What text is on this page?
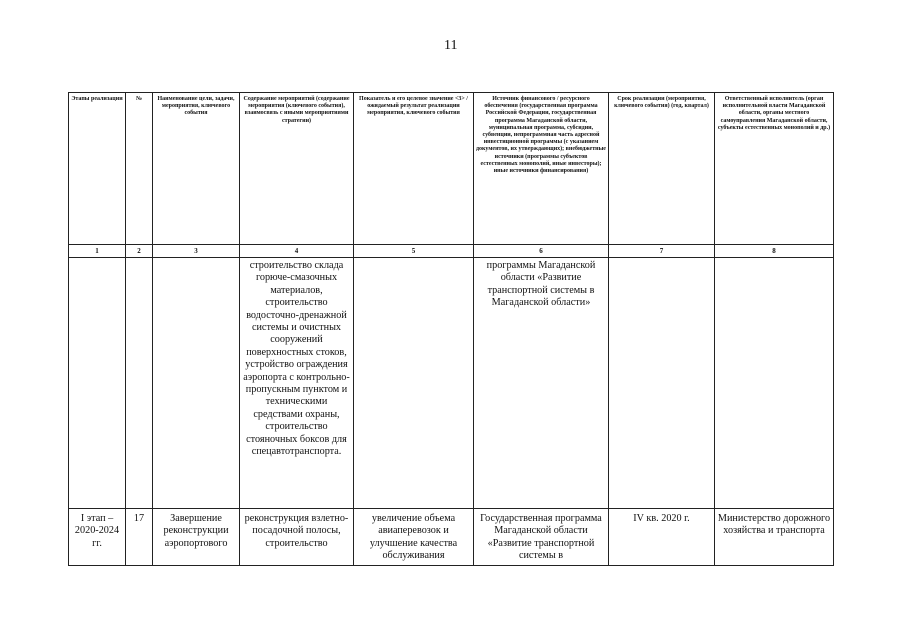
11
Этапы реализации	№	Наименование цели, задачи, мероприятия, ключевого события	Содержание мероприятий (содержание мероприятия (ключевого события), взаимосвязь с иными мероприятиями стратегии)	Показатель и его целевое значение <3> /ожидаемый результат реализации мероприятия, ключевого события	Источник финансового / ресурсного обеспечения (государственная программа Российской Федерации, государственная программа Магаданской области, муниципальная программа, субсидии, субвенции, непрограммная часть адресной инвестиционной программы (с указанием документов, их утверждающих); внебюджетные источники (программы субъектов естественных монополий, иные инвесторы); иные источники финансирования)	Срок реализации (мероприятия, ключевого события) (год, квартал)	Ответственный исполнитель (орган исполнительной власти Магаданской области, органы местного самоуправления Магаданской области, субъекты естественных монополий и др.)
1	2	3	4	5	6	7	8
			строительство склада горюче-смазочных материалов, строительство водосточно-дренажной системы и очистных сооружений поверхностных стоков, устройство ограждения аэропорта с контрольно-пропускным пунктом и техническими средствами охраны, строительство стояночных боксов для спецавтотранспорта.		программы Магаданской области «Развитие транспортной системы в Магаданской области»		
I этап – 2020-2024 гг.	17	Завершение реконструкции аэропортового	реконструкция взлетно-посадочной полосы, строительство	увеличение объема авиаперевозок и улучшение качества обслуживания	Государственная программа Магаданской области «Развитие транспортной системы в	IV кв. 2020 г.	Министерство дорожного хозяйства и транспорта
